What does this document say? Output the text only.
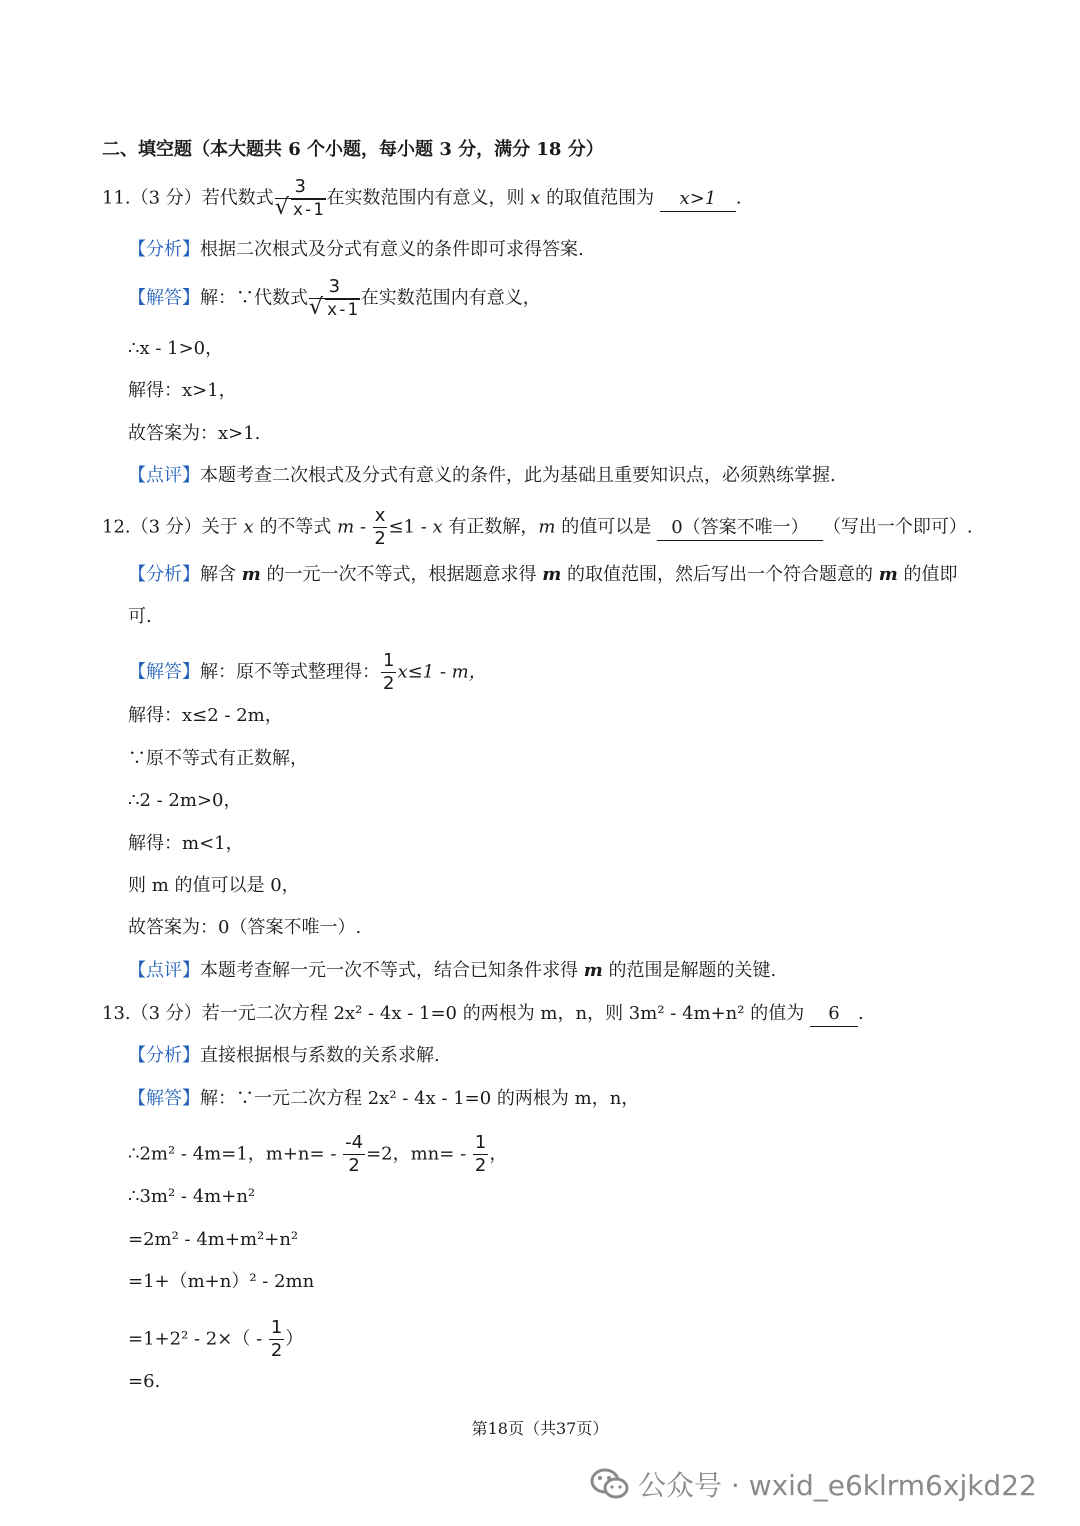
二、填空题（本大题共 6 个小题，每小题 3 分，满分 18 分）
11.（3 分）若代数式 $\frac{3}{√ x-1}$ 在实数范围内有意义，则 x 的取值范围为 x>1 .
【分析】根据二次根式及分式有意义的条件即可求得答案.
【解答】解：∵代数式 $\frac{3}{√ x-1}$ 在实数范围内有意义，
∴x - 1>0，
解得：x>1，
故答案为：x>1.
【点评】本题考查二次根式及分式有意义的条件，此为基础且重要知识点，必须熟练掌握.
12.（3 分）关于 x 的不等式 $m - \frac{x}{2} \le 1 - x$ 有正数解，m 的值可以是 0（答案不唯一） （写出一个即可）.
【分析】解含 m 的一元一次不等式，根据题意求得 m 的取值范围，然后写出一个符合题意的 m 的值即
可.
【解答】解：原不等式整理得： $\frac{1}{2} x\le 1 - m$，
解得：x≤2 - 2m，
∵原不等式有正数解，
∴2 - 2m>0，
解得：m<1，
则 m 的值可以是 0，
故答案为：0（答案不唯一）.
【点评】本题考查解一元一次不等式，结合已知条件求得 m 的范围是解题的关键.
13.（3 分）若一元二次方程 2x² - 4x - 1=0 的两根为 m，n，则 3m² - 4m+n² 的值为 6 .
【分析】直接根据根与系数的关系求解.
【解答】解：∵一元二次方程 2x² - 4x - 1=0 的两根为 m，n，
∴2m² - 4m=1，$m+n= - \frac{-4}{2} =2$，$mn= - \frac{1}{2}$ ，
∴3m² - 4m+n²
=2m² - 4m+m²+n²
=1+（m+n）² - 2mn
$=1+2^2 - 2\times( - \frac{1}{2}$ ）
=6.
第18页（共37页）
公众号 · wxid_e6klrm6xjkd22
